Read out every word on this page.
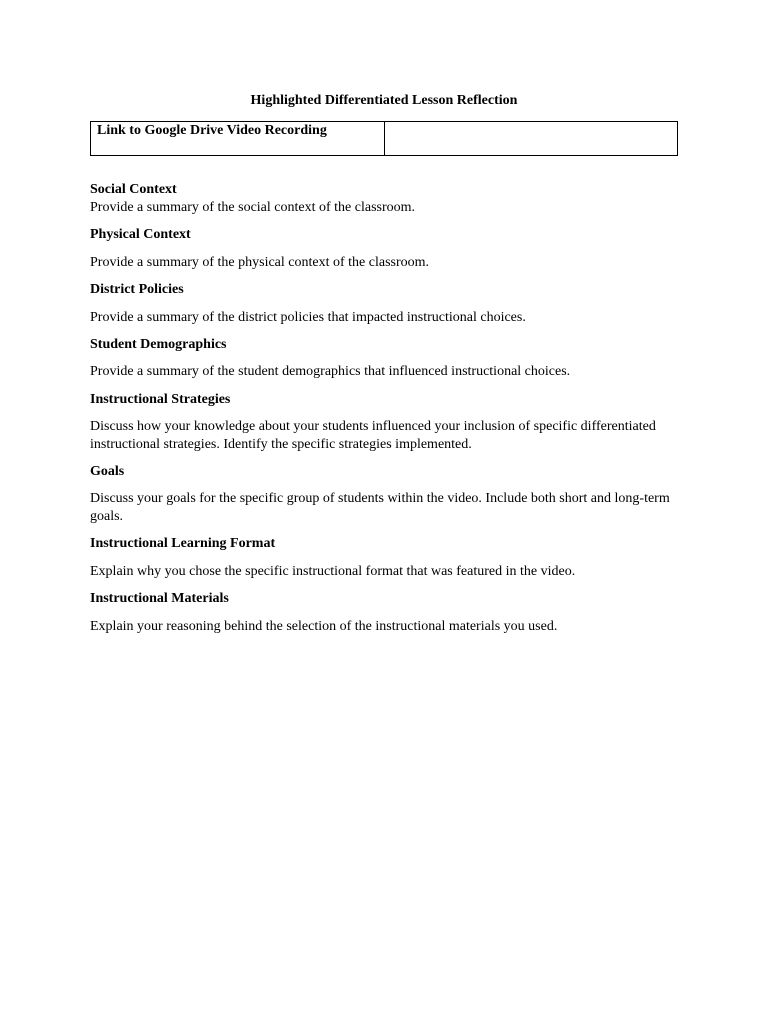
Highlighted Differentiated Lesson Reflection
Link to Google Drive Video Recording	
Social Context
Provide a summary of the social context of the classroom.
Physical Context
Provide a summary of the physical context of the classroom.
District Policies
Provide a summary of the district policies that impacted instructional choices.
Student Demographics
Provide a summary of the student demographics that influenced instructional choices.
Instructional Strategies
Discuss how your knowledge about your students influenced your inclusion of specific differentiated instructional strategies. Identify the specific strategies implemented.
Goals
Discuss your goals for the specific group of students within the video. Include both short and long-term goals.
Instructional Learning Format
Explain why you chose the specific instructional format that was featured in the video.
Instructional Materials
Explain your reasoning behind the selection of the instructional materials you used.
